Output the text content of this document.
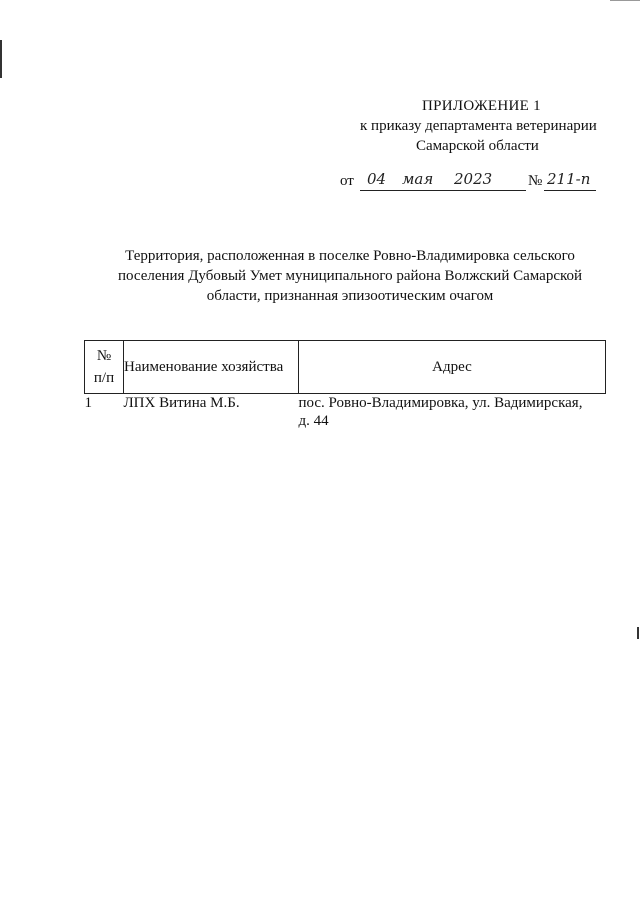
ПРИЛОЖЕНИЕ 1
к приказу департамента ветеринарии
Самарской области
от 04 мая 2023 № 211-п
Территория, расположенная в поселке Ровно-Владимировка сельского
поселения Дубовый Умет муниципального района Волжский Самарской
области, признанная эпизоотическим очагом
№
п/п	Наименование хозяйства	Адрес
1	ЛПХ Витина М.Б.	пос. Ровно-Владимировка, ул. Вадимирская,
д. 44
